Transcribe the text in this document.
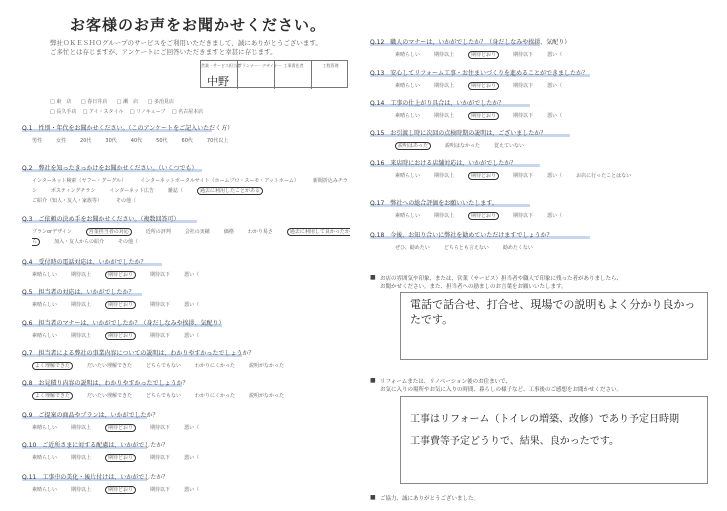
お客様のお声をお聞かせください。
弊社ＯＫＥＳＨＯグループのサービスをご利用いただきまして、誠にありがとうございます。
ご多忙とは存じますが、アンケートにご回答いただきますと幸甚に存じます。
営業・サービス担当者
プランナー・デザイナー 工事責任者	工程管理
中野
□ 東　店 □ 春日井店 □ 瀬　店 □ 多治見店
□ 長久手店 □ アイ・スタイル □ リノキューブ □ 名古屋本店
Q.1　性別・年代をお聞かせください。（このアンケートをご記入いただく方）
男性	女性	20代	30代	40代	50代	60代	70代以上
Q.2　弊社を知ったきっかけをお聞かせください。（いくつでも）
インターネット検索（ヤフー・グーグル）	インターネットポータルサイト（ホームプロ・スーモ・アットホーム）	新聞折込みチラシ	ポスティングチラシ	インターネット広告	雑誌（	過去に利用したことがあるご紹介（知人・友人・家族等）	その他（
Q.3　ご依頼の決め手をお聞かせください。（複数回答可）
プランorデザイン	営業担当者の対応	近所の評判	会社の実績	価格	わかり易さ	過去に利用して良かったから	加入・友人からの紹介	その他（
Q.4　受付時の電話対応は、いかがでしたか？
素晴らしい	期待以上	期待どおり	期待以下	悪い（
Q.5　担当者の対応は、いかがでしたか？
素晴らしい	期待以上	期待どおり	期待以下	悪い（
Q.6　担当者のマナーは、いかがでしたか？（身だしなみや挨拶、気配り）
素晴らしい	期待以上	期待どおり	期待以下	悪い（
Q.7　担当者による弊社の事業内容についての説明は、わかりやすかったでしょうか？
よく理解できた	だいたい理解できた	どちらでもない	わかりにくかった	説明がなかった
Q.8　お見積り内容の説明は、わかりやすかったでしょうか？
よく理解できた	だいたい理解できた	どちらでもない	わかりにくかった	説明がなかった
Q.9　ご提案の商品やプランは、いかがでしたか？
素晴らしい	期待以上	期待どおり	期待以下	悪い（
Q.10　ご近所さまに対する配慮は、いかがでしたか？
素晴らしい	期待以上	期待どおり	期待以下	悪い（
Q.11　工事中の美化・後片付けは、いかがでしたか？
素晴らしい	期待以上	期待どおり	期待以下	悪い（
Q.12　職人のマナーは、いかがでしたか？（身だしなみや挨拶、気配り）
素晴らしい	期待以上	期待どおり	期待以下	悪い（
Q.13　安心してリフォーム工事・お住まいづくりを進めることができましたか？
素晴らしい	期待以上	期待どおり	期待以下	悪い（
Q.14　工事の仕上がり具合は、いかがでしたか？
素晴らしい	期待以上	期待どおり	期待以下	悪い（
Q.15　お引渡し時に次回の点検時期の説明は、ございましたか？
説明はあった	説明はなかった	覚えていない
Q.16　来店時における店舗対応は、いかがでしたか？
素晴らしい	期待以上	期待どおり	期待以下	悪い（	お店に行ったことはない
Q.17　弊社への総合評価をお願いいたします。
素晴らしい	期待以上	期待どおり	期待以下	悪い（
Q.18　今後、お知り合いに弊社を勧めていただけますでしょうか？
ぜひ、勧めたい	どちらとも言えない	勧めたくない
■ お店の雰囲気や印象、または、営業（サービス）担当者や職人で印象に残った者がありましたら、
お聞かせください。また、担当者への励ましのお言葉をお願いいたします。
電話で話合せ、打合せ、現場での説明もよく分かり良かったです。
■ リフォームまたは、リノベーション後のお住まいで、
お気に入りの場所やお気に入りの時間、暮らしの様子など、工事後のご感想をお聞かせください。
工事はリフォーム（トイレの増築、改修）であり予定日時期
工事費等予定どうりで、結果、良かったです。
■ ご協力、誠にありがとうございました。
